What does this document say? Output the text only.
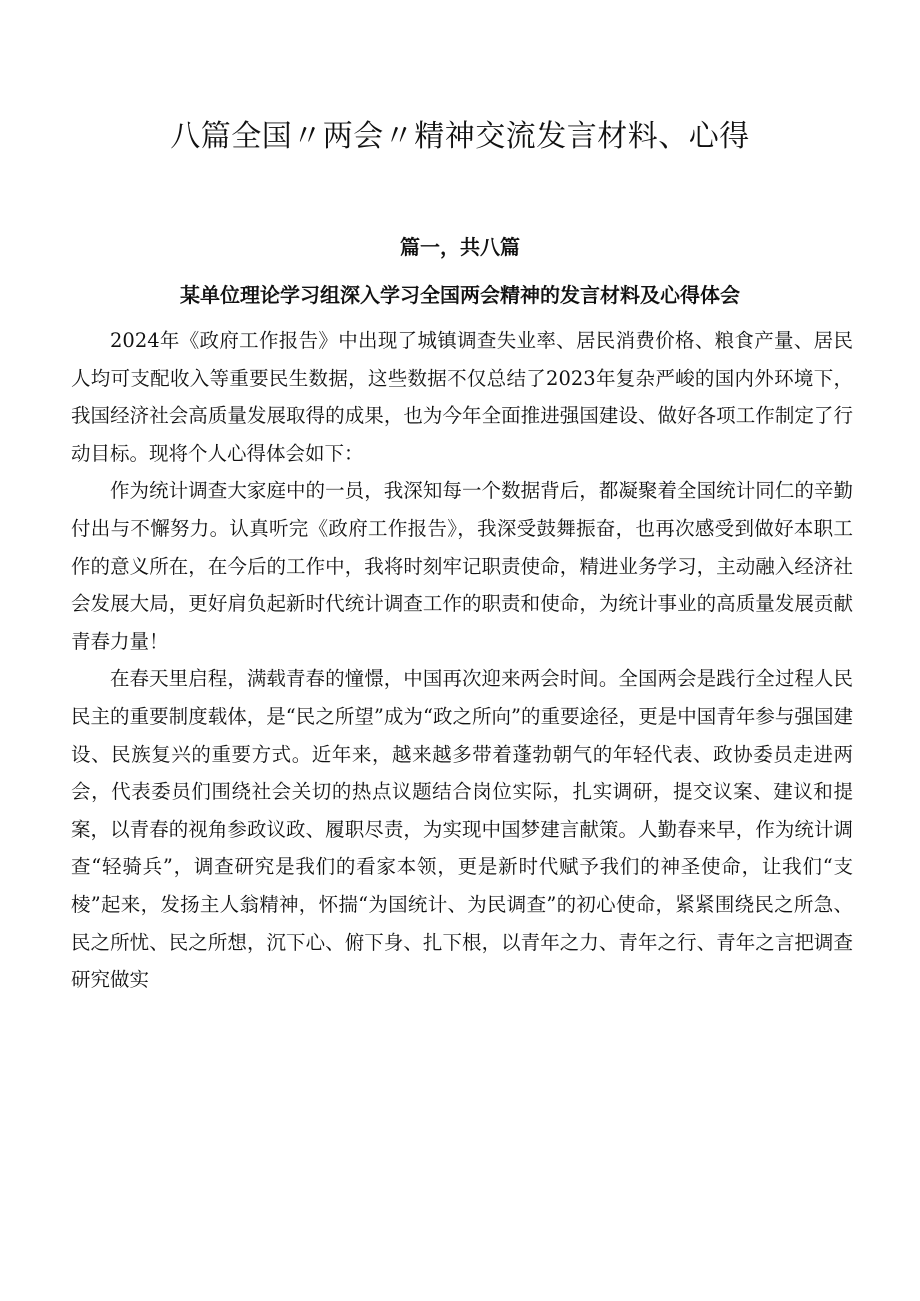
八篇全国〃两会〃精神交流发言材料、心得
篇一，共八篇
某单位理论学习组深入学习全国两会精神的发言材料及心得体会

2024年《政府工作报告》中出现了城镇调查失业率、居民消费价格、粮食产量、居民人均可支配收入等重要民生数据，这些数据不仅总结了2023年复杂严峻的国内外环境下，我国经济社会高质量发展取得的成果，也为今年全面推进强国建设、做好各项工作制定了行动目标。现将个人心得体会如下：

作为统计调查大家庭中的一员，我深知每一个数据背后，都凝聚着全国统计同仁的辛勤付出与不懈努力。认真听完《政府工作报告》，我深受鼓舞振奋，也再次感受到做好本职工作的意义所在，在今后的工作中，我将时刻牢记职责使命，精进业务学习，主动融入经济社会发展大局，更好肩负起新时代统计调查工作的职责和使命，为统计事业的高质量发展贡献青春力量！

在春天里启程，满载青春的憧憬，中国再次迎来两会时间。全国两会是践行全过程人民民主的重要制度载体，是“民之所望”成为“政之所向”的重要途径，更是中国青年参与强国建设、民族复兴的重要方式。近年来，越来越多带着蓬勃朝气的年轻代表、政协委员走进两会，代表委员们围绕社会关切的热点议题结合岗位实际，扎实调研，提交议案、建议和提案，以青春的视角参政议政、履职尽责，为实现中国梦建言献策。人勤春来早，作为统计调查“轻骑兵”，调查研究是我们的看家本领，更是新时代赋予我们的神圣使命，让我们“支棱”起来，发扬主人翁精神，怀揣“为国统计、为民调查”的初心使命，紧紧围绕民之所急、民之所忧、民之所想，沉下心、俯下身、扎下根，以青年之力、青年之行、青年之言把调查研究做实
